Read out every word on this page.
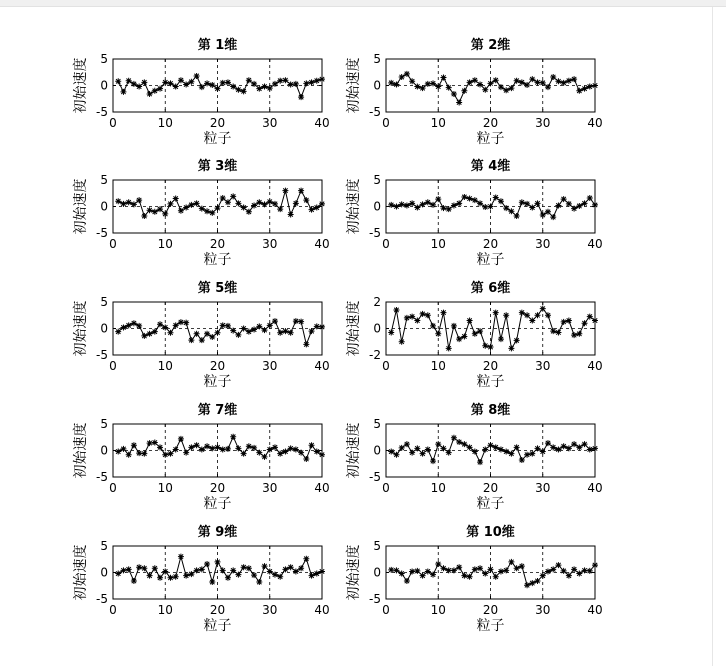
第 1维
0	10	20	30	40
5
0
-5
粒子
初始速度
第 2维
0	10	20	30	40
5
0
-5
粒子
初始速度
第 3维
0	10	20	30	40
5
0
-5
粒子
初始速度
第 4维
0	10	20	30	40
5
0
-5
粒子
初始速度
第 5维
0	10	20	30	40
5
0
-5
粒子
初始速度
第 6维
0	10	20	30	40
2
0
-2
粒子
初始速度
第 7维
0	10	20	30	40
5
0
-5
粒子
初始速度
第 8维
0	10	20	30	40
5
0
-5
粒子
初始速度
第 9维
0	10	20	30	40
5
0
-5
粒子
初始速度
第 10维
0	10	20	30	40
5
0
-5
粒子
初始速度
